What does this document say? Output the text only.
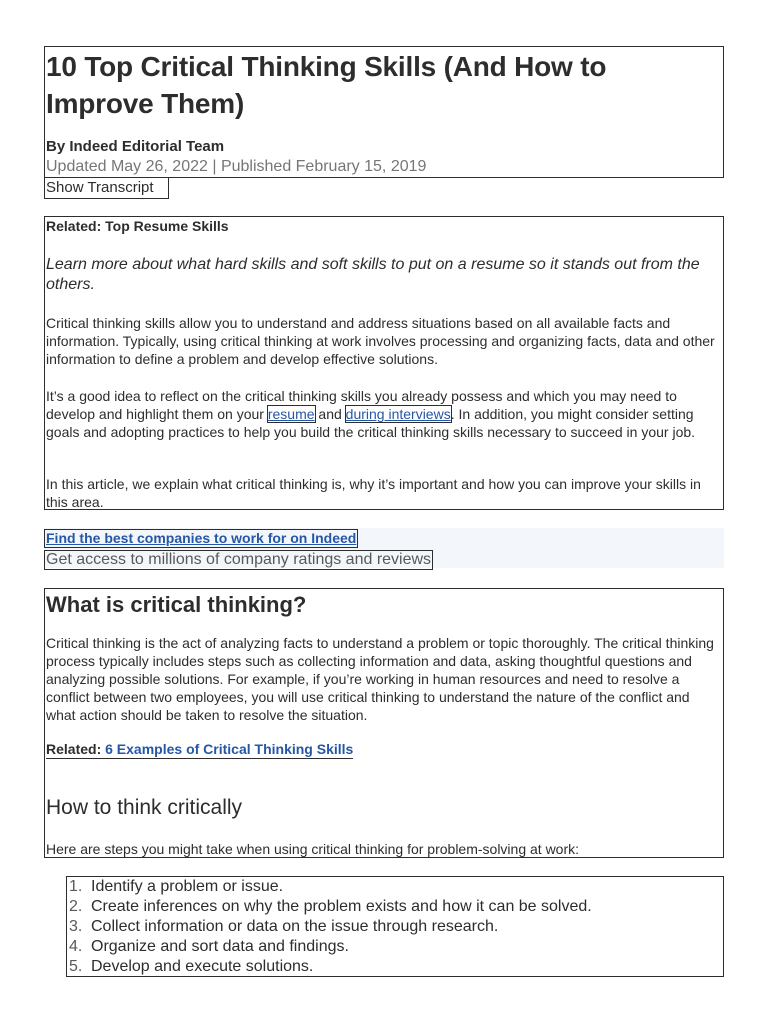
10 Top Critical Thinking Skills (And How to Improve Them)
By Indeed Editorial Team
Updated May 26, 2022 | Published February 15, 2019
Show Transcript
Related: Top Resume Skills
Learn more about what hard skills and soft skills to put on a resume so it stands out from the others.
Critical thinking skills allow you to understand and address situations based on all available facts and information. Typically, using critical thinking at work involves processing and organizing facts, data and other information to define a problem and develop effective solutions.
It’s a good idea to reflect on the critical thinking skills you already possess and which you may need to develop and highlight them on your resume and during interviews. In addition, you might consider setting goals and adopting practices to help you build the critical thinking skills necessary to succeed in your job.
In this article, we explain what critical thinking is, why it’s important and how you can improve your skills in this area.
Find the best companies to work for on Indeed
Get access to millions of company ratings and reviews
What is critical thinking?
Critical thinking is the act of analyzing facts to understand a problem or topic thoroughly. The critical thinking process typically includes steps such as collecting information and data, asking thoughtful questions and analyzing possible solutions. For example, if you’re working in human resources and need to resolve a conflict between two employees, you will use critical thinking to understand the nature of the conflict and what action should be taken to resolve the situation.
Related: 6 Examples of Critical Thinking Skills
How to think critically
Here are steps you might take when using critical thinking for problem-solving at work:
1. Identify a problem or issue.
2. Create inferences on why the problem exists and how it can be solved.
3. Collect information or data on the issue through research.
4. Organize and sort data and findings.
5. Develop and execute solutions.
